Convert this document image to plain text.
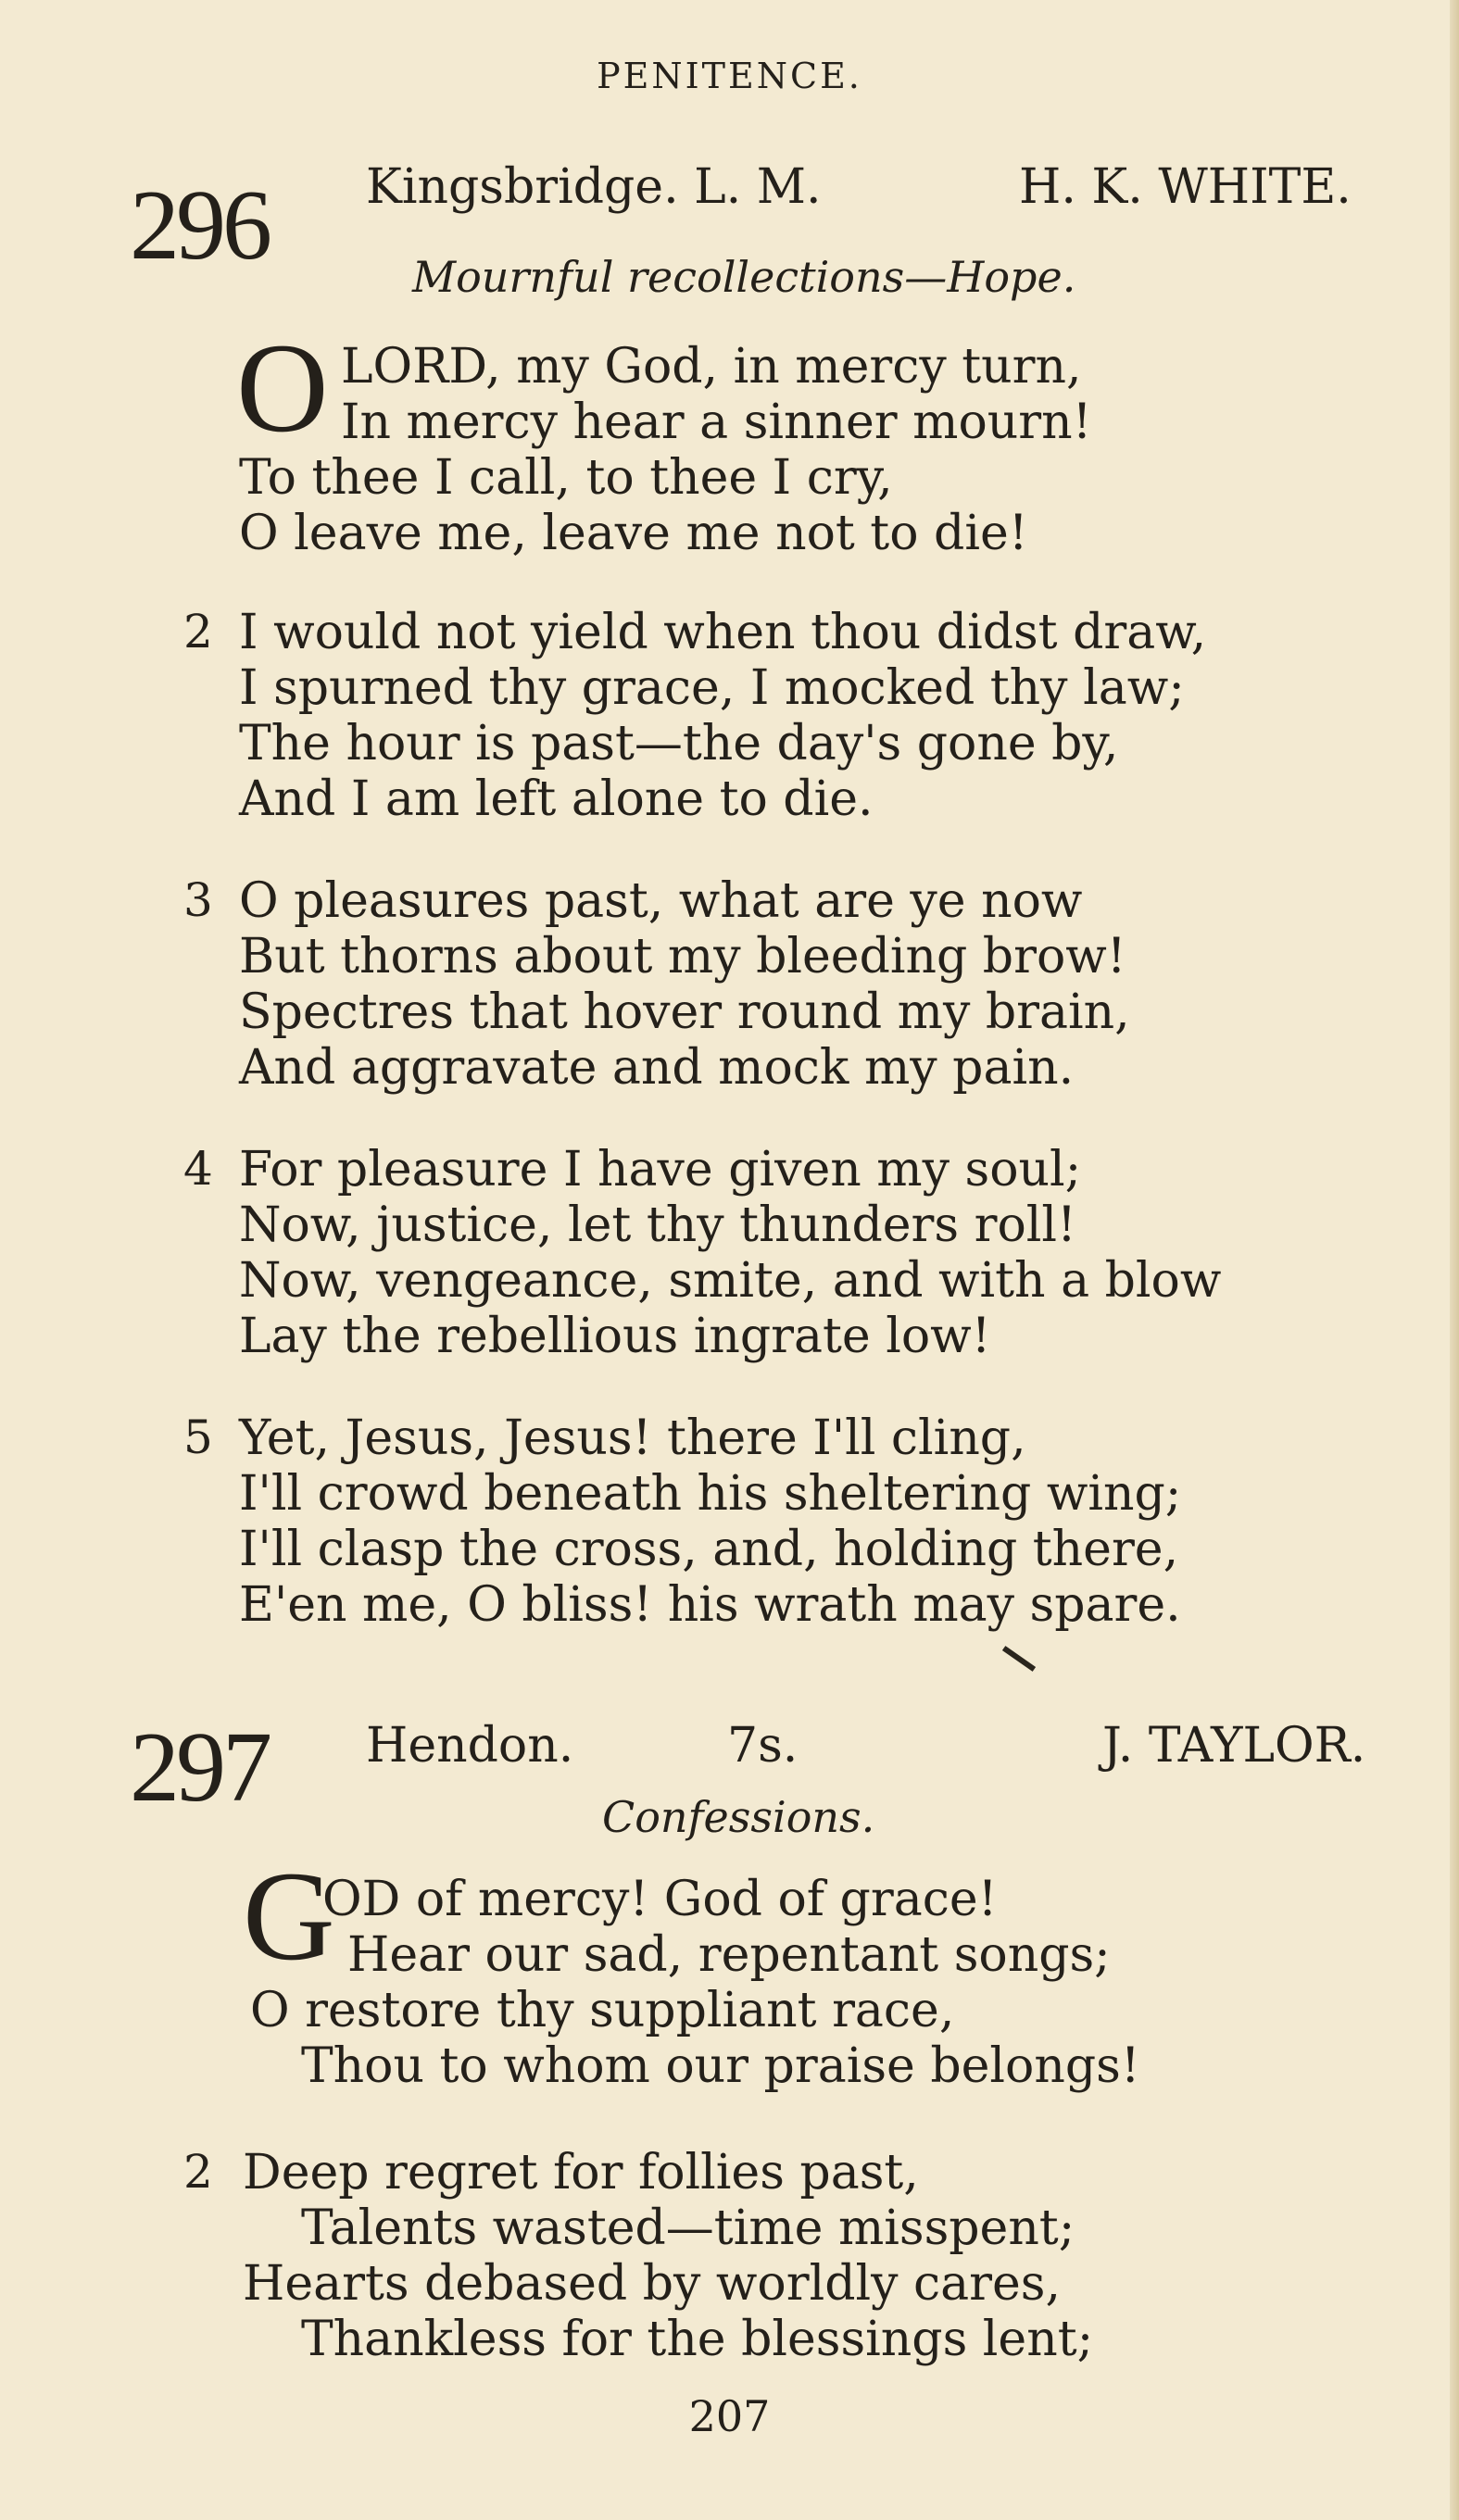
PENITENCE.
296 Kingsbridge. L. M.	H. K. WHITE.
Mournful recollections—Hope.
O LORD, my God, in mercy turn,
In mercy hear a sinner mourn!
To thee I call, to thee I cry,
O leave me, leave me not to die!
2 I would not yield when thou didst draw,
I spurned thy grace, I mocked thy law;
The hour is past—the day's gone by,
And I am left alone to die.
3 O pleasures past, what are ye now
But thorns about my bleeding brow!
Spectres that hover round my brain,
And aggravate and mock my pain.
4 For pleasure I have given my soul;
Now, justice, let thy thunders roll!
Now, vengeance, smite, and with a blow
Lay the rebellious ingrate low!
5 Yet, Jesus, Jesus! there I'll cling,
I'll crowd beneath his sheltering wing;
I'll clasp the cross, and, holding there,
E'en me, O bliss! his wrath may spare.
297 Hendon.	7s.	J. TAYLOR.
Confessions.
G
OD of mercy! God of grace!
Hear our sad, repentant songs;
O restore thy suppliant race,
Thou to whom our praise belongs!
2 Deep regret for follies past,
Talents wasted—time misspent;
Hearts debased by worldly cares,
Thankless for the blessings lent;
207
